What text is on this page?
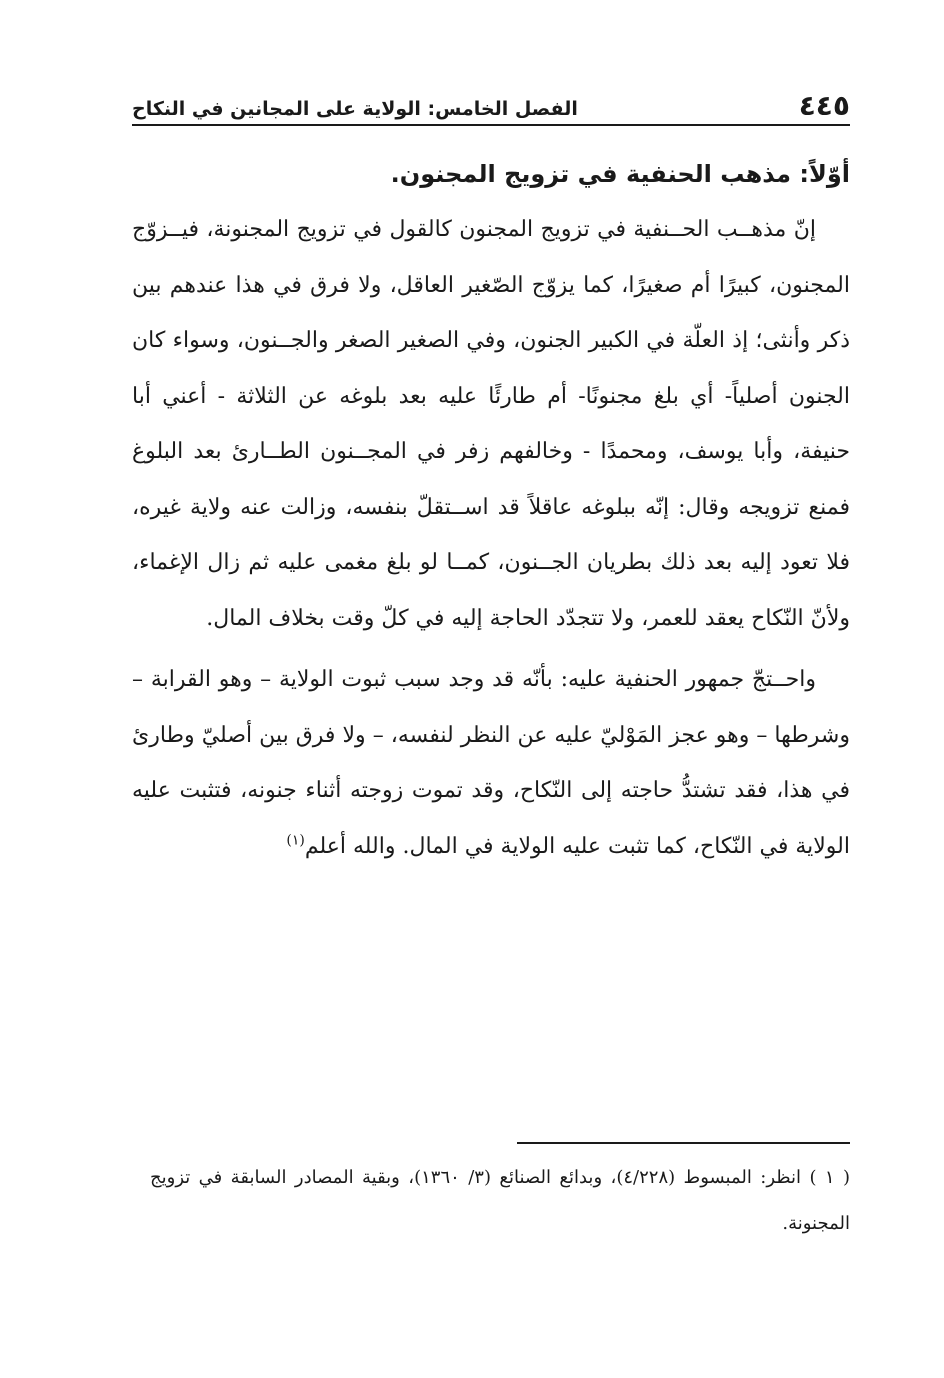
٤٤٥
الفصل الخامس: الولاية على المجانين في النكاح

أوّلاً: مذهب الحنفية في تزويج المجنون.

إنّ مذهــب الحــنفية في تزويج المجنون كالقول في تزويج المجنونة، فيــزوّج المجنون، كبيرًا أم صغيرًا، كما يزوّج الصّغير العاقل، ولا فرق في هذا عندهم بين ذكر وأنثى؛ إذ العلّة في الكبير الجنون، وفي الصغير الصغر والجــنون، وسواء كان الجنون أصلياً- أي بلغ مجنونًا- أم طارئًا عليه بعد بلوغه عن الثلاثة - أعني أبا حنيفة، وأبا يوسف، ومحمدًا - وخالفهم زفر في المجــنون الطــارئ بعد البلوغ فمنع تزويجه وقال: إنّه ببلوغه عاقلاً قد اســتقلّ بنفسه، وزالت عنه ولاية غيره، فلا تعود إليه بعد ذلك بطريان الجــنون، كمــا لو بلغ مغمى عليه ثم زال الإغماء، ولأنّ النّكاح يعقد للعمر، ولا تتجدّد الحاجة إليه في كلّ وقت بخلاف المال.

واحــتجّ جمهور الحنفية عليه: بأنّه قد وجد سبب ثبوت الولاية – وهو القرابة – وشرطها – وهو عجز المَوْليّ عليه عن النظر لنفسه، – ولا فرق بين أصليّ وطارئ في هذا، فقد تشتدُّ حاجته إلى النّكاح، وقد تموت زوجته أثناء جنونه، فتثبت عليه الولاية في النّكاح، كما تثبت عليه الولاية في المال. والله أعلم$^{(١)}$

( ١ ) انظر: المبسوط (٤/٢٢٨)، وبدائع الصنائع (٣/ ١٣٦٠)، وبقية المصادر السابقة في تزويج المجنونة.
